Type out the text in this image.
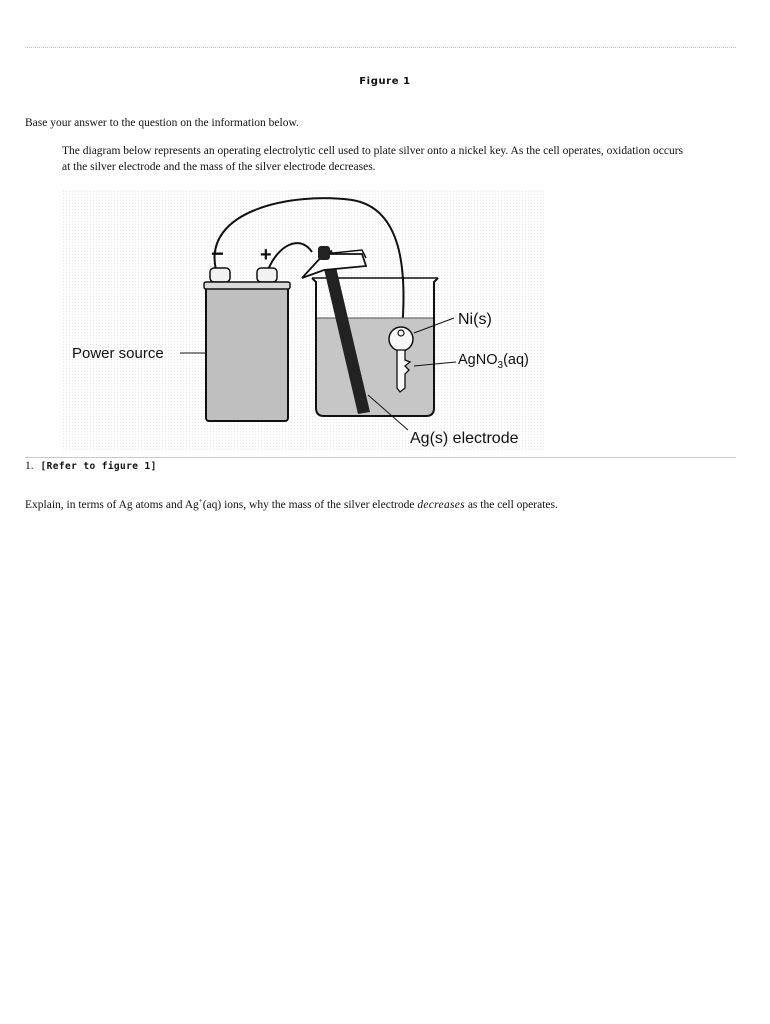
Figure 1
Base your answer to the question on the information below.
The diagram below represents an operating electrolytic cell used to plate silver onto a nickel key. As the cell operates, oxidation occurs
at the silver electrode and the mass of the silver electrode decreases.
− +
Power source
Ni(s)
AgNO$_3$(aq)
Ag(s) electrode
1. [Refer to figure 1]
Explain, in terms of Ag atoms and Ag+(aq) ions, why the mass of the silver electrode decreases as the cell operates.
